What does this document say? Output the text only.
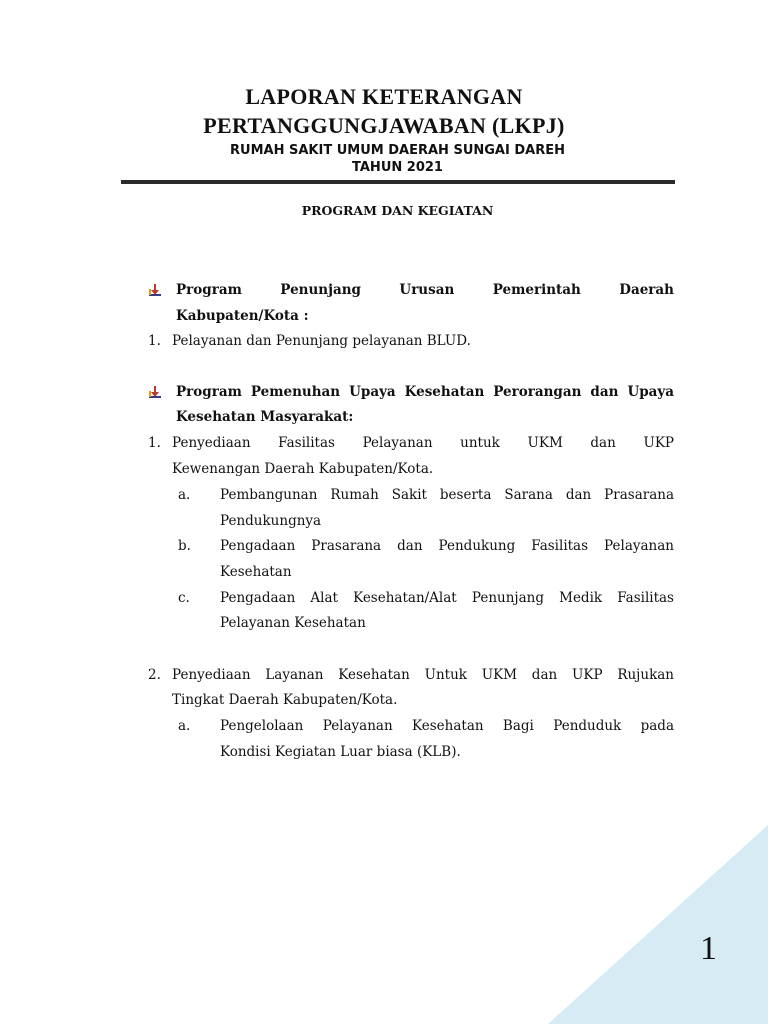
LAPORAN KETERANGAN
PERTANGGUNGJAWABAN (LKPJ)
RUMAH SAKIT UMUM DAERAH SUNGAI DAREH
TAHUN 2021
PROGRAM DAN KEGIATAN
Program	Penunjang	Urusan	Pemerintah	Daerah
Kabupaten/Kota :
1. Pelayanan dan Penunjang pelayanan BLUD.
Program Pemenuhan Upaya Kesehatan Perorangan dan Upaya
Kesehatan Masyarakat:
1. Penyediaan Fasilitas Pelayanan untuk UKM dan UKP
Kewenangan Daerah Kabupaten/Kota.
a. Pembangunan Rumah Sakit beserta Sarana dan Prasarana
Pendukungnya
b. Pengadaan Prasarana dan Pendukung Fasilitas Pelayanan
Kesehatan
c. Pengadaan Alat Kesehatan/Alat Penunjang Medik Fasilitas
Pelayanan Kesehatan
2. Penyediaan Layanan Kesehatan Untuk UKM dan UKP Rujukan
Tingkat Daerah Kabupaten/Kota.
a. Pengelolaan Pelayanan Kesehatan Bagi Penduduk pada
Kondisi Kegiatan Luar biasa (KLB).
1
